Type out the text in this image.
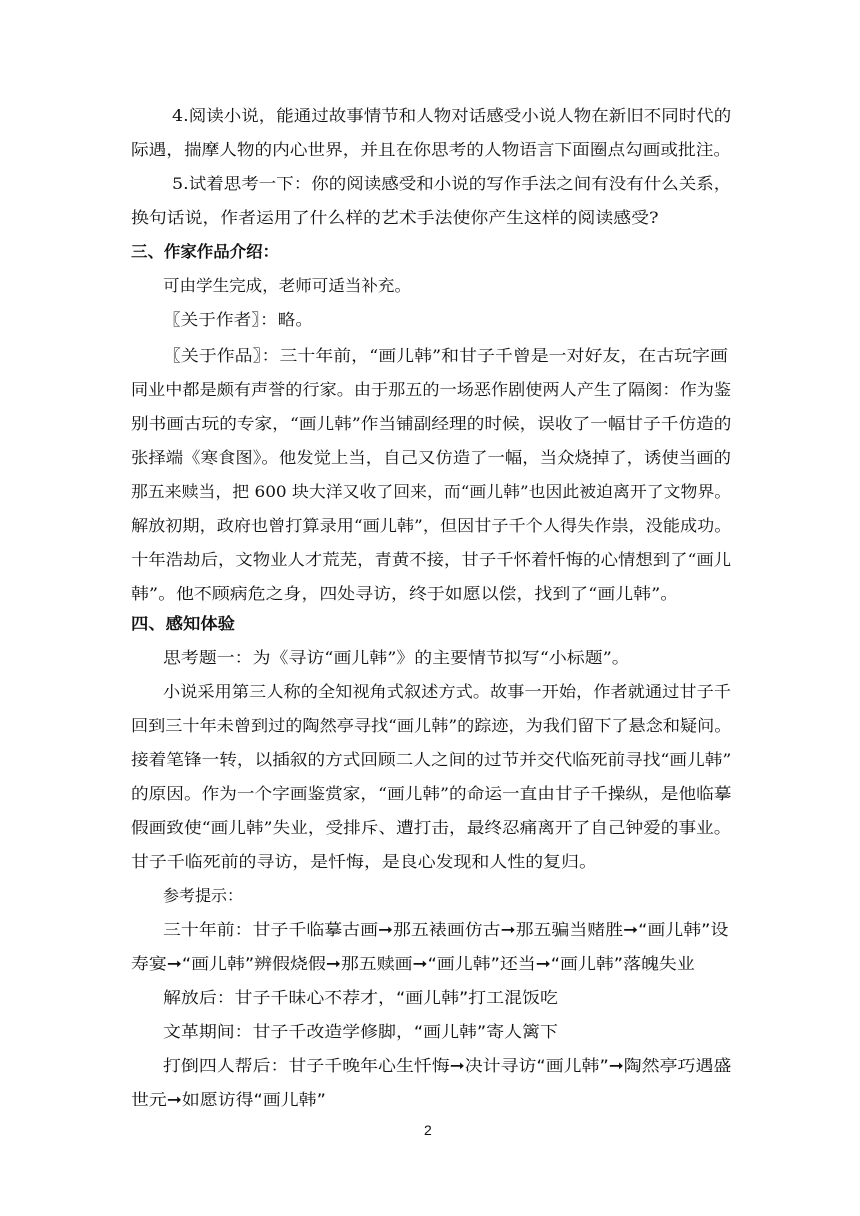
4.阅读小说，能通过故事情节和人物对话感受小说人物在新旧不同时代的
际遇，揣摩人物的内心世界，并且在你思考的人物语言下面圈点勾画或批注。
5.试着思考一下：你的阅读感受和小说的写作手法之间有没有什么关系，
换句话说，作者运用了什么样的艺术手法使你产生这样的阅读感受?
三、作家作品介绍：
可由学生完成，老师可适当补充。
〖关于作者〗：略。
〖关于作品〗：三十年前，“画儿韩”和甘子千曾是一对好友，在古玩字画
同业中都是颇有声誉的行家。由于那五的一场恶作剧使两人产生了隔阂：作为鉴
别书画古玩的专家，“画儿韩”作当铺副经理的时候，误收了一幅甘子千仿造的
张择端《寒食图》。他发觉上当，自己又仿造了一幅，当众烧掉了，诱使当画的
那五来赎当，把 600 块大洋又收了回来，而“画儿韩”也因此被迫离开了文物界。
解放初期，政府也曾打算录用“画儿韩”，但因甘子千个人得失作祟，没能成功。
十年浩劫后，文物业人才荒芜，青黄不接，甘子千怀着忏悔的心情想到了“画儿
韩”。他不顾病危之身，四处寻访，终于如愿以偿，找到了“画儿韩”。
四、感知体验
思考题一：为《寻访“画儿韩”》的主要情节拟写“小标题”。
小说采用第三人称的全知视角式叙述方式。故事一开始，作者就通过甘子千
回到三十年未曾到过的陶然亭寻找“画儿韩”的踪迹，为我们留下了悬念和疑问。
接着笔锋一转，以插叙的方式回顾二人之间的过节并交代临死前寻找“画儿韩”
的原因。作为一个字画鉴赏家，“画儿韩”的命运一直由甘子千操纵，是他临摹
假画致使“画儿韩”失业，受排斥、遭打击，最终忍痛离开了自己钟爱的事业。
甘子千临死前的寻访，是忏悔，是良心发现和人性的复归。
参考提示：
三十年前：甘子千临摹古画➞那五裱画仿古➞那五骗当赌胜➞“画儿韩”设
寿宴➞“画儿韩”辨假烧假➞那五赎画➞“画儿韩”还当➞“画儿韩”落魄失业
解放后：甘子千昧心不荐才，“画儿韩”打工混饭吃
文革期间：甘子千改造学修脚，“画儿韩”寄人篱下
打倒四人帮后：甘子千晚年心生忏悔➞决计寻访“画儿韩”➞陶然亭巧遇盛
世元➞如愿访得“画儿韩”
2
